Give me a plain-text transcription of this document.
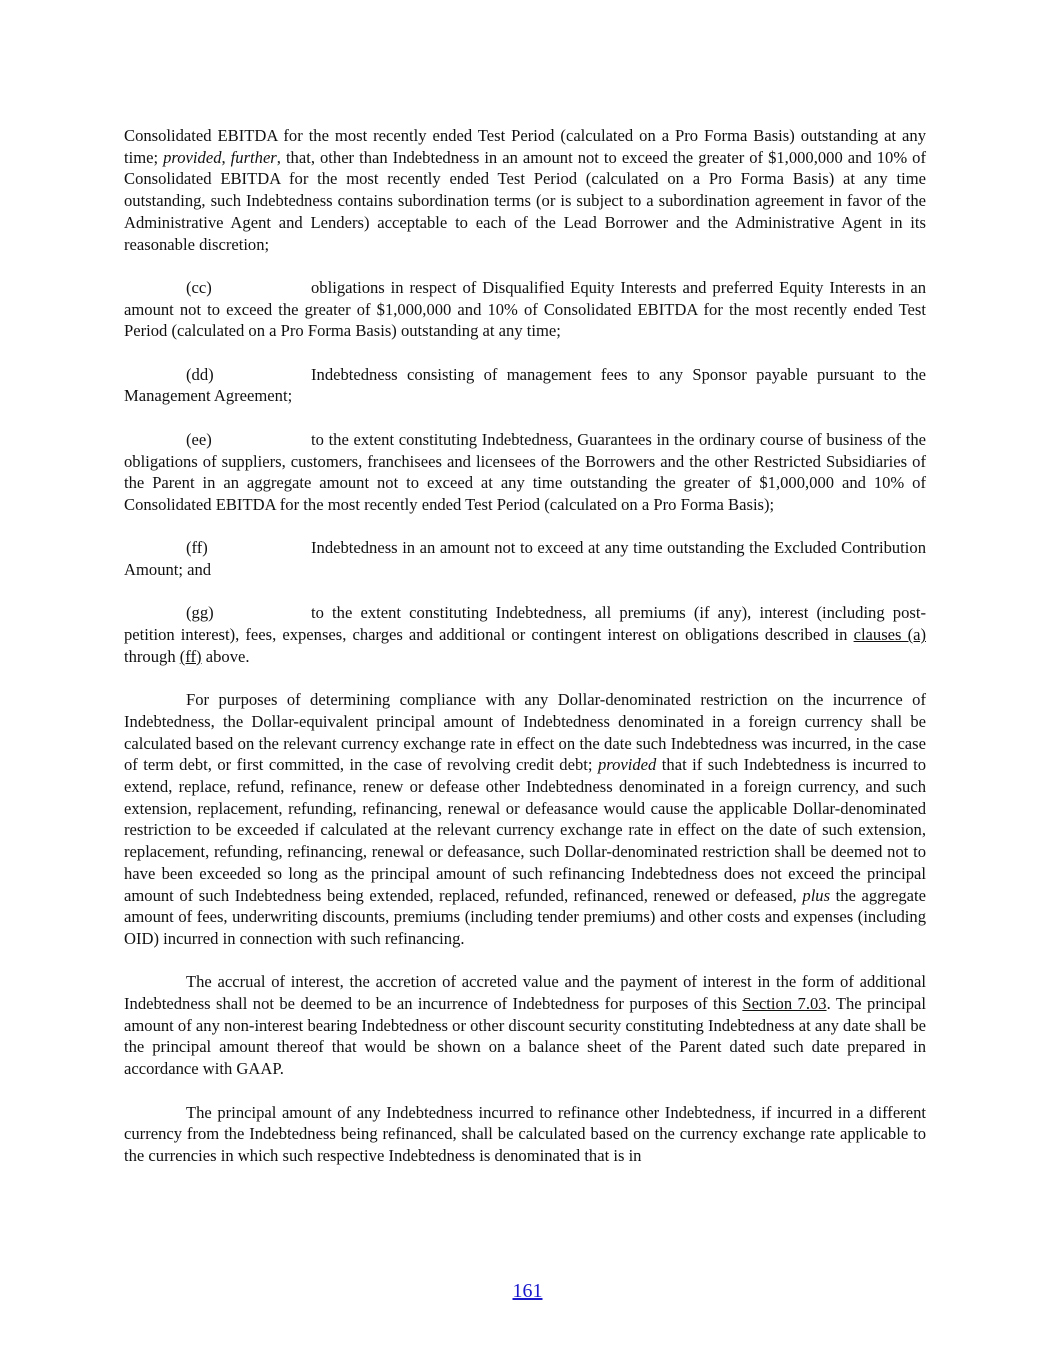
Consolidated EBITDA for the most recently ended Test Period (calculated on a Pro Forma Basis) outstanding at any time; provided, further, that, other than Indebtedness in an amount not to exceed the greater of $1,000,000 and 10% of Consolidated EBITDA for the most recently ended Test Period (calculated on a Pro Forma Basis) at any time outstanding, such Indebtedness contains subordination terms (or is subject to a subordination agreement in favor of the Administrative Agent and Lenders) acceptable to each of the Lead Borrower and the Administrative Agent in its reasonable discretion;

(cc)	obligations in respect of Disqualified Equity Interests and preferred Equity Interests in an amount not to exceed the greater of $1,000,000 and 10% of Consolidated EBITDA for the most recently ended Test Period (calculated on a Pro Forma Basis) outstanding at any time;

(dd)	Indebtedness consisting of management fees to any Sponsor payable pursuant to the Management Agreement;

(ee)	to the extent constituting Indebtedness, Guarantees in the ordinary course of business of the obligations of suppliers, customers, franchisees and licensees of the Borrowers and the other Restricted Subsidiaries of the Parent in an aggregate amount not to exceed at any time outstanding the greater of $1,000,000 and 10% of Consolidated EBITDA for the most recently ended Test Period (calculated on a Pro Forma Basis);

(ff)	Indebtedness in an amount not to exceed at any time outstanding the Excluded Contribution Amount; and

(gg)	to the extent constituting Indebtedness, all premiums (if any), interest (including post-petition interest), fees, expenses, charges and additional or contingent interest on obligations described in clauses (a) through (ff) above.

For purposes of determining compliance with any Dollar-denominated restriction on the incurrence of Indebtedness, the Dollar-equivalent principal amount of Indebtedness denominated in a foreign currency shall be calculated based on the relevant currency exchange rate in effect on the date such Indebtedness was incurred, in the case of term debt, or first committed, in the case of revolving credit debt; provided that if such Indebtedness is incurred to extend, replace, refund, refinance, renew or defease other Indebtedness denominated in a foreign currency, and such extension, replacement, refunding, refinancing, renewal or defeasance would cause the applicable Dollar-denominated restriction to be exceeded if calculated at the relevant currency exchange rate in effect on the date of such extension, replacement, refunding, refinancing, renewal or defeasance, such Dollar-denominated restriction shall be deemed not to have been exceeded so long as the principal amount of such refinancing Indebtedness does not exceed the principal amount of such Indebtedness being extended, replaced, refunded, refinanced, renewed or defeased, plus the aggregate amount of fees, underwriting discounts, premiums (including tender premiums) and other costs and expenses (including OID) incurred in connection with such refinancing.

The accrual of interest, the accretion of accreted value and the payment of interest in the form of additional Indebtedness shall not be deemed to be an incurrence of Indebtedness for purposes of this Section 7.03. The principal amount of any non-interest bearing Indebtedness or other discount security constituting Indebtedness at any date shall be the principal amount thereof that would be shown on a balance sheet of the Parent dated such date prepared in accordance with GAAP.

The principal amount of any Indebtedness incurred to refinance other Indebtedness, if incurred in a different currency from the Indebtedness being refinanced, shall be calculated based on the currency exchange rate applicable to the currencies in which such respective Indebtedness is denominated that is in

161
